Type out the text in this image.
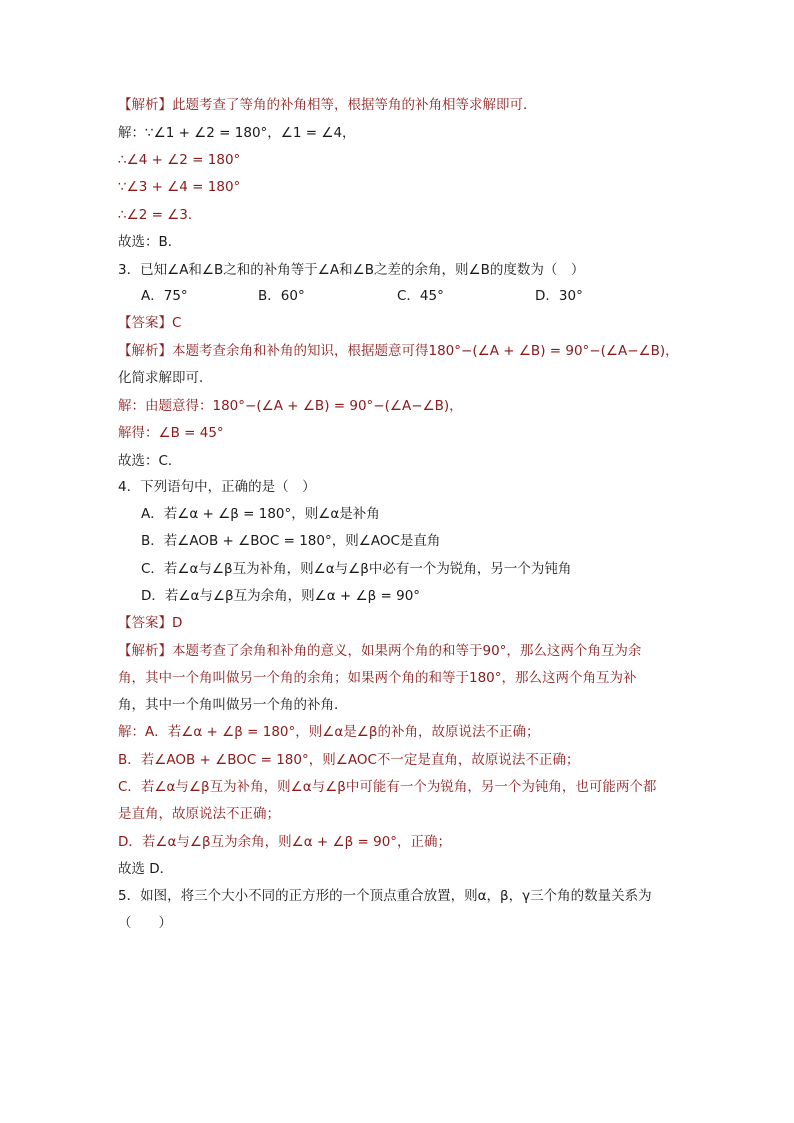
【解析】此题考查了等角的补角相等，根据等角的补角相等求解即可．
解：∵∠1 + ∠2 = 180°，∠1 = ∠4，
∴∠4 + ∠2 = 180°
∵∠3 + ∠4 = 180°
∴∠2 = ∠3．
故选：B．
3．已知∠A和∠B之和的补角等于∠A和∠B之差的余角，则∠B的度数为（　）
A．75°	B．60°	C．45°	D．30°
【答案】C
【解析】本题考查余角和补角的知识，根据题意可得180°−(∠A + ∠B) = 90°−(∠A−∠B)，
化简求解即可．
解：由题意得：180°−(∠A + ∠B) = 90°−(∠A−∠B)，
解得：∠B = 45°
故选：C．
4．下列语句中，正确的是（　）
A．若∠α + ∠β = 180°，则∠α是补角
B．若∠AOB + ∠BOC = 180°，则∠AOC是直角
C．若∠α与∠β互为补角，则∠α与∠β中必有一个为锐角，另一个为钝角
D．若∠α与∠β互为余角，则∠α + ∠β = 90°
【答案】D
【解析】本题考查了余角和补角的意义，如果两个角的和等于90°，那么这两个角互为余
角，其中一个角叫做另一个角的余角；如果两个角的和等于180°，那么这两个角互为补
角，其中一个角叫做另一个角的补角．
解：A．若∠α + ∠β = 180°，则∠α是∠β的补角，故原说法不正确；
B．若∠AOB + ∠BOC = 180°，则∠AOC不一定是直角，故原说法不正确；
C．若∠α与∠β互为补角，则∠α与∠β中可能有一个为锐角，另一个为钝角，也可能两个都
是直角，故原说法不正确；
D．若∠α与∠β互为余角，则∠α + ∠β = 90°，正确；
故选 D．
5．如图，将三个大小不同的正方形的一个顶点重合放置，则α，β，γ三个角的数量关系为
（　　）
